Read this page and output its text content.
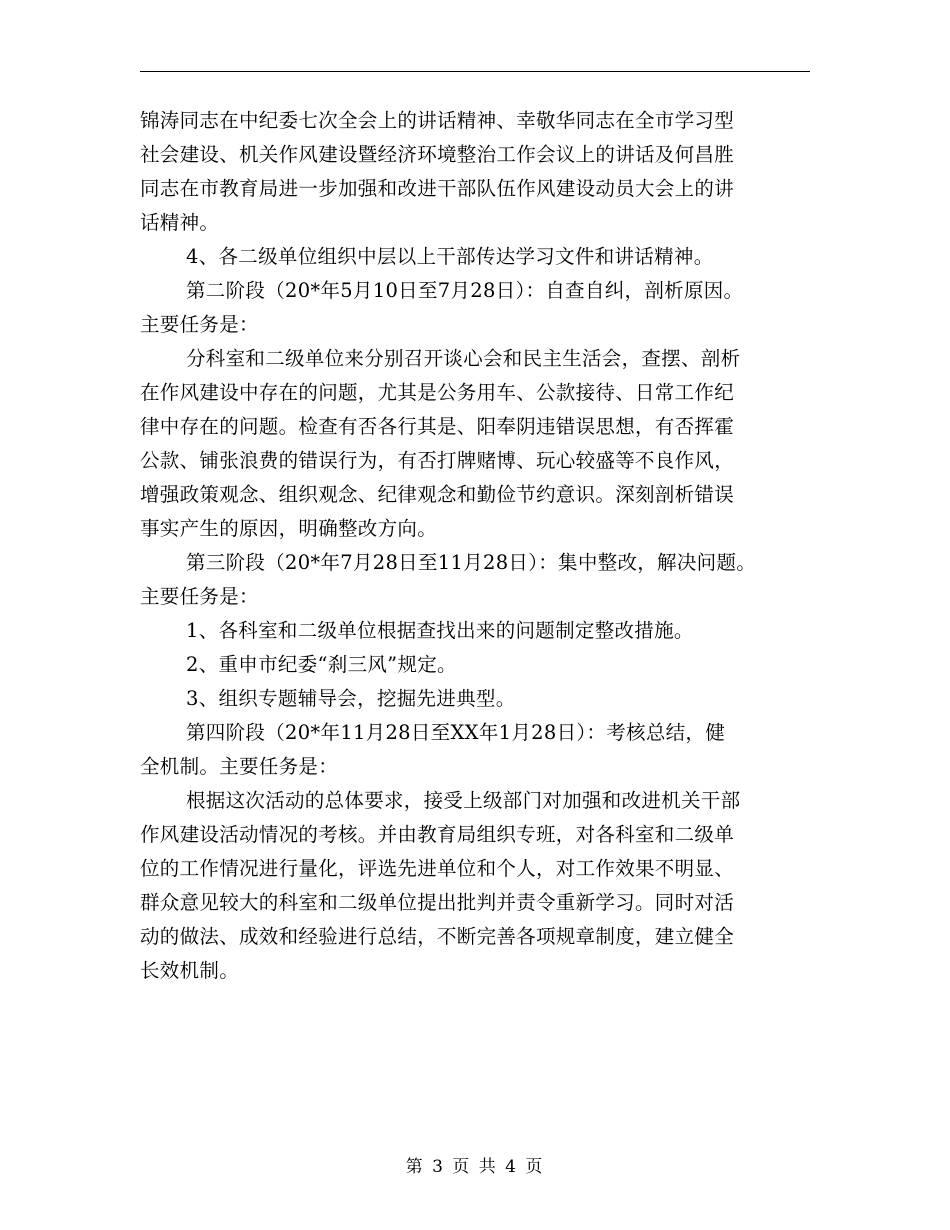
锦涛同志在中纪委七次全会上的讲话精神、幸敬华同志在全市学习型
社会建设、机关作风建设暨经济环境整治工作会议上的讲话及何昌胜
同志在市教育局进一步加强和改进干部队伍作风建设动员大会上的讲
话精神。
4、各二级单位组织中层以上干部传达学习文件和讲话精神。
第二阶段（20*年5月10日至7月28日）：自查自纠，剖析原因。
主要任务是：
分科室和二级单位来分别召开谈心会和民主生活会，查摆、剖析
在作风建设中存在的问题，尤其是公务用车、公款接待、日常工作纪
律中存在的问题。检查有否各行其是、阳奉阴违错误思想，有否挥霍
公款、铺张浪费的错误行为，有否打牌赌博、玩心较盛等不良作风，
增强政策观念、组织观念、纪律观念和勤俭节约意识。深刻剖析错误
事实产生的原因，明确整改方向。
第三阶段（20*年7月28日至11月28日）：集中整改，解决问题。
主要任务是：
1、各科室和二级单位根据查找出来的问题制定整改措施。
2、重申市纪委“刹三风”规定。
3、组织专题辅导会，挖掘先进典型。
第四阶段（20*年11月28日至XX年1月28日）：考核总结，健
全机制。主要任务是：
根据这次活动的总体要求，接受上级部门对加强和改进机关干部
作风建设活动情况的考核。并由教育局组织专班，对各科室和二级单
位的工作情况进行量化，评选先进单位和个人，对工作效果不明显、
群众意见较大的科室和二级单位提出批判并责令重新学习。同时对活
动的做法、成效和经验进行总结，不断完善各项规章制度，建立健全
长效机制。
第 3 页 共 4 页
